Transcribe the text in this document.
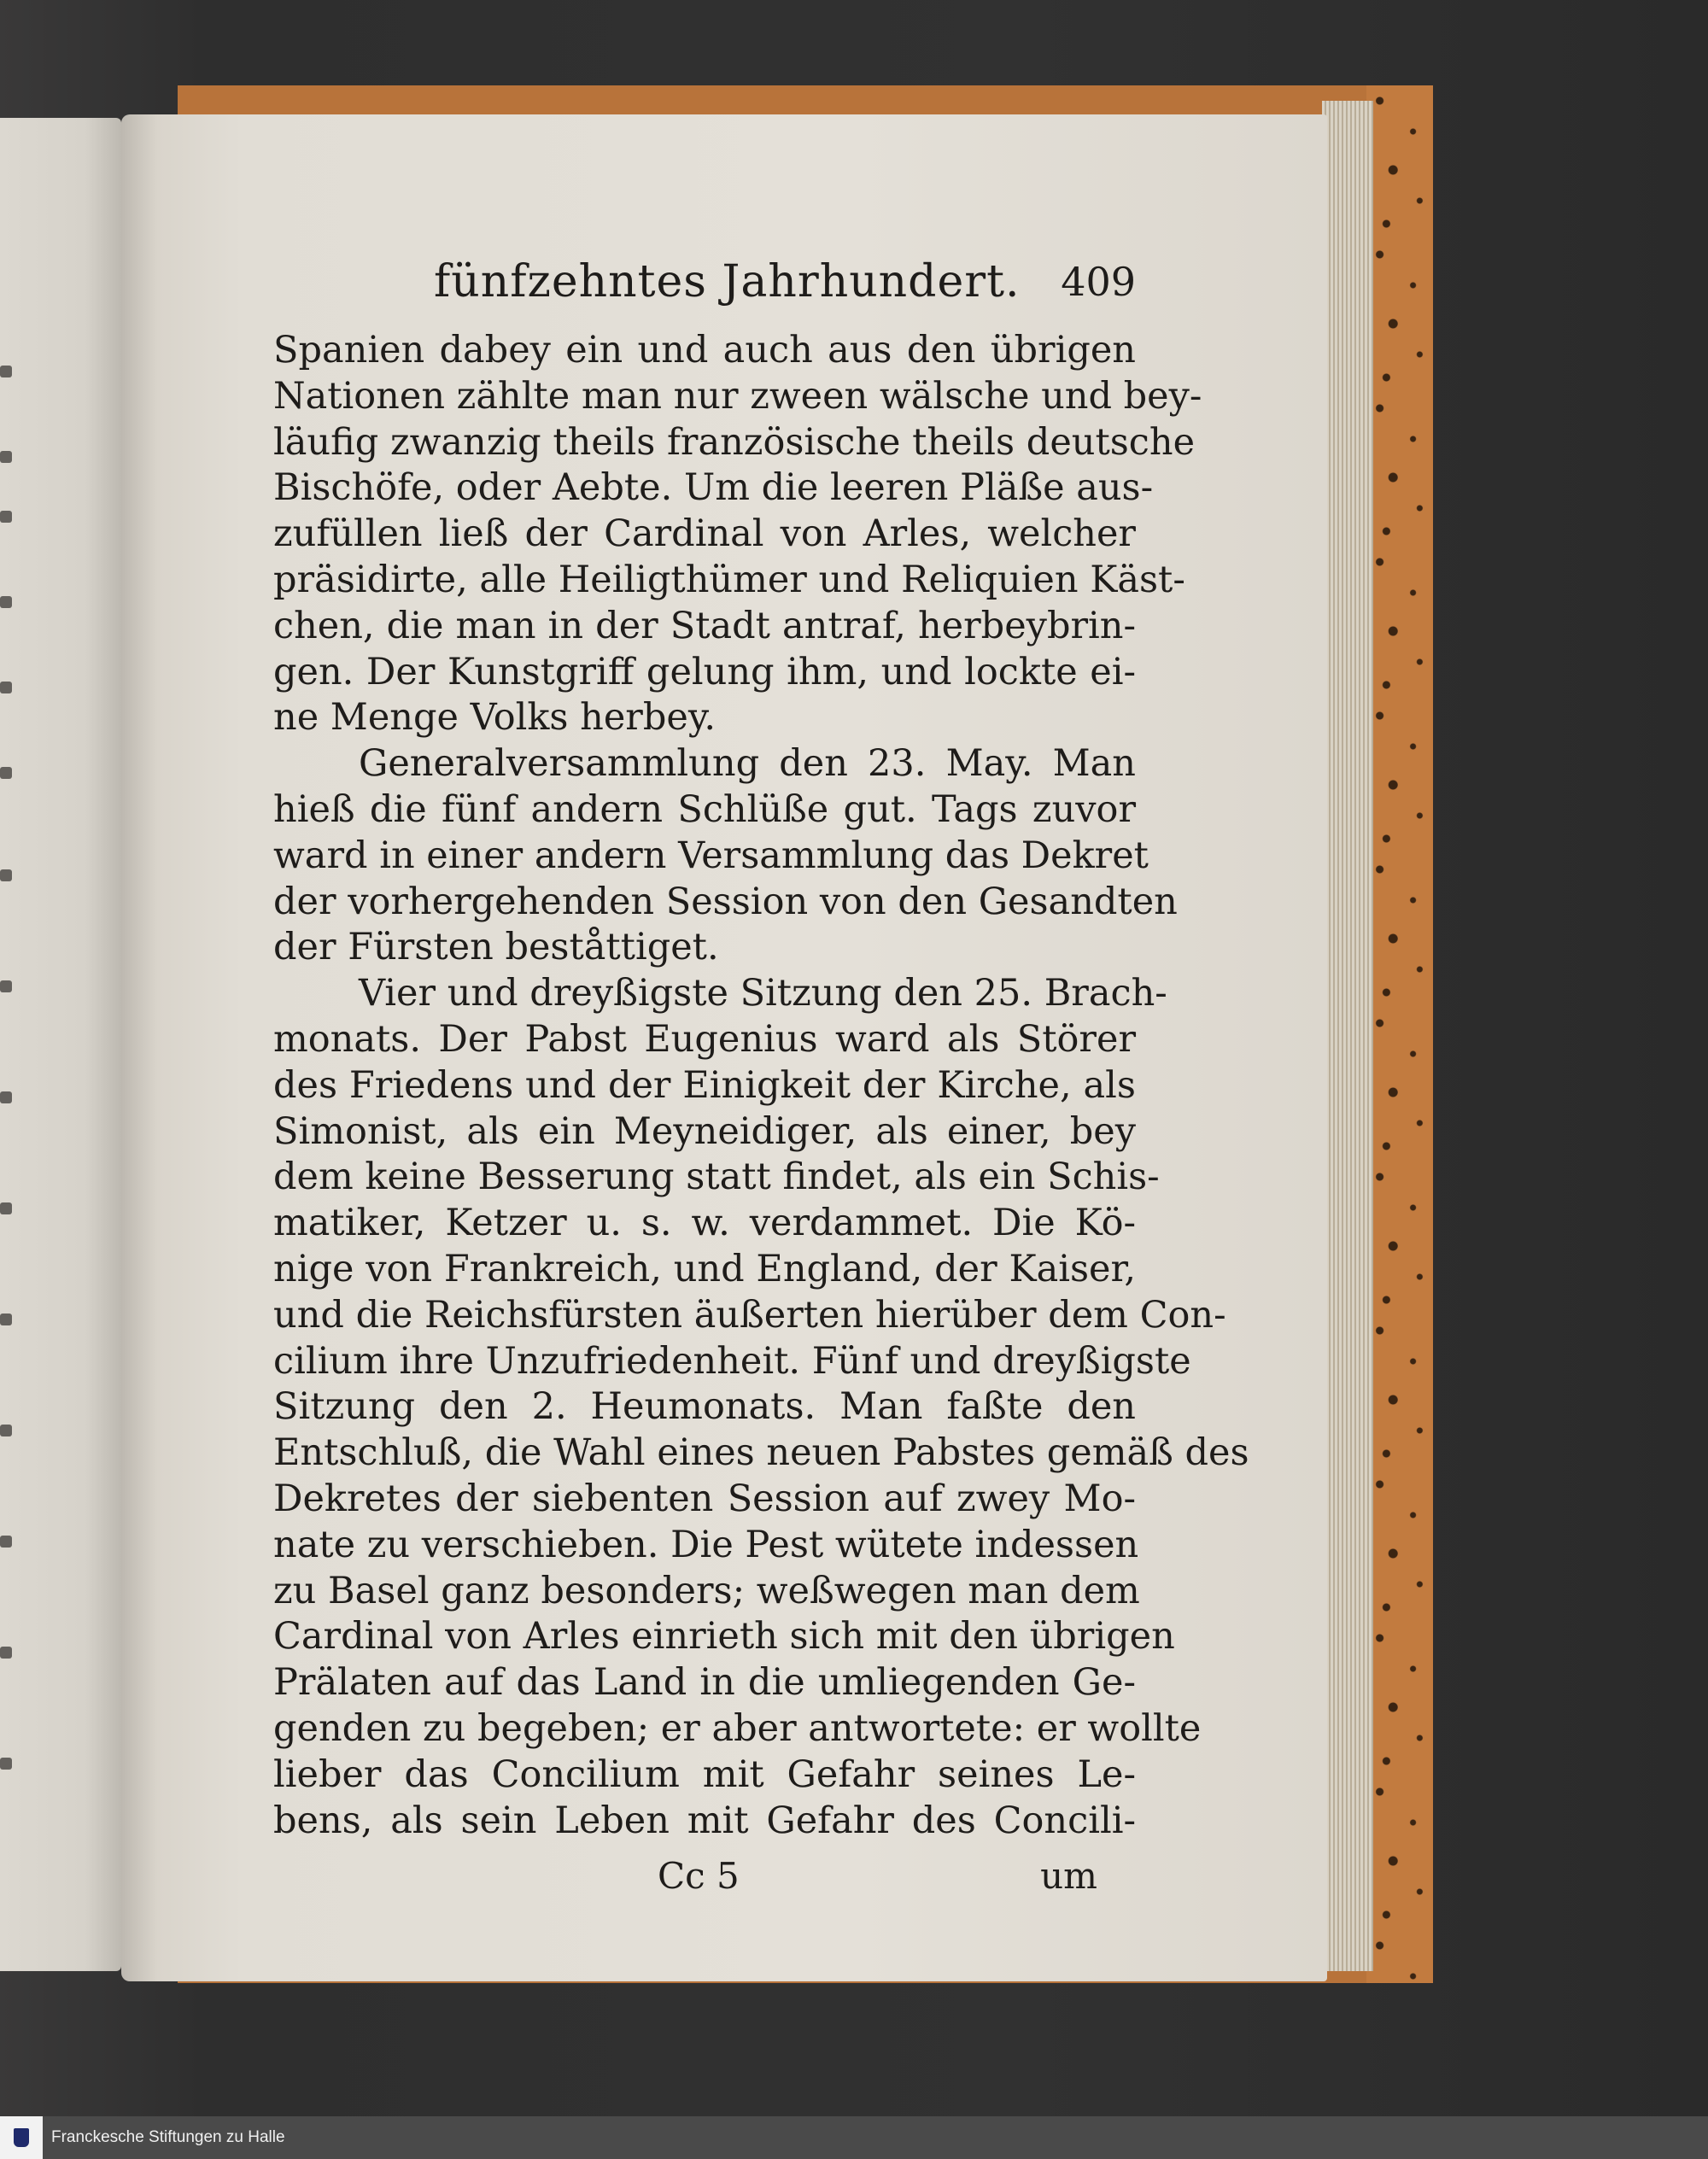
fünfzehntes Jahrhundert. 409
Spanien dabey ein und auch aus den übrigen
Nationen zählte man nur zween wälsche und bey-
läufig zwanzig theils französische theils deutsche
Bischöfe, oder Aebte. Um die leeren Pläße aus-
zufüllen ließ der Cardinal von Arles, welcher
präsidirte, alle Heiligthümer und Reliquien Käst-
chen, die man in der Stadt antraf, herbeybrin-
gen. Der Kunstgriff gelung ihm, und lockte ei-
ne Menge Volks herbey.
Generalversammlung den 23. May. Man
hieß die fünf andern Schlüße gut. Tags zuvor
ward in einer andern Versammlung das Dekret
der vorhergehenden Session von den Gesandten
der Fürsten beståttiget.
Vier und dreyßigste Sitzung den 25. Brach-
monats. Der Pabst Eugenius ward als Störer
des Friedens und der Einigkeit der Kirche, als
Simonist, als ein Meyneidiger, als einer, bey
dem keine Besserung statt findet, als ein Schis-
matiker, Ketzer u. s. w. verdammet. Die Kö-
nige von Frankreich, und England, der Kaiser,
und die Reichsfürsten äußerten hierüber dem Con-
cilium ihre Unzufriedenheit. Fünf und dreyßigste
Sitzung den 2. Heumonats. Man faßte den
Entschluß, die Wahl eines neuen Pabstes gemäß des
Dekretes der siebenten Session auf zwey Mo-
nate zu verschieben. Die Pest wütete indessen
zu Basel ganz besonders; weßwegen man dem
Cardinal von Arles einrieth sich mit den übrigen
Prälaten auf das Land in die umliegenden Ge-
genden zu begeben; er aber antwortete: er wollte
lieber das Concilium mit Gefahr seines Le-
bens, als sein Leben mit Gefahr des Concili-
Cc 5	um
Franckesche Stiftungen zu Halle
